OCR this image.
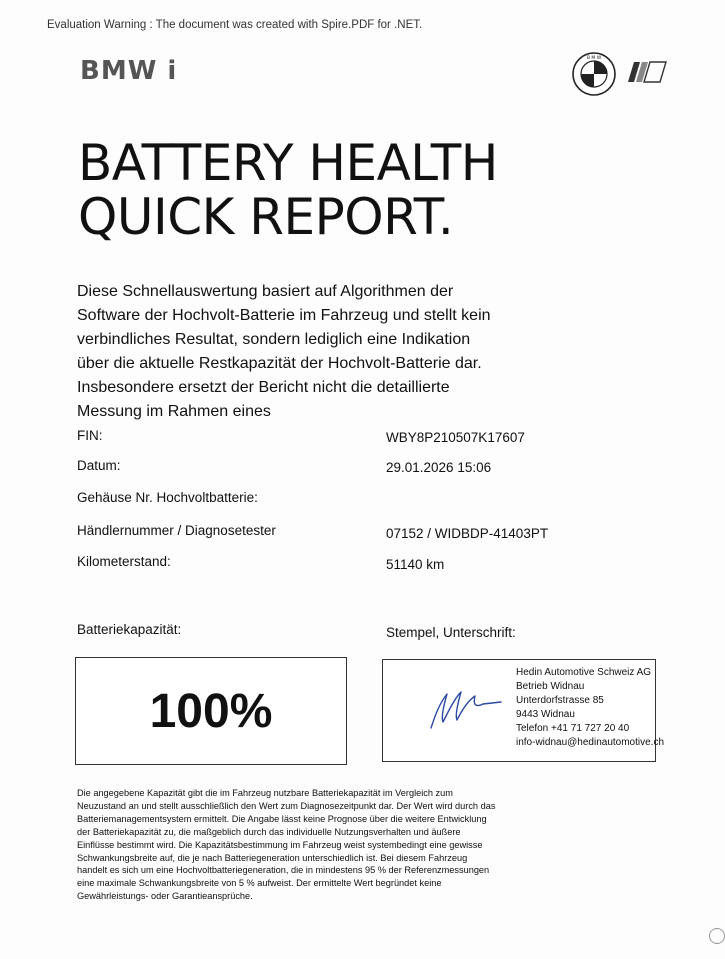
Evaluation Warning : The document was created with Spire.PDF for .NET.
BMW i	B M W
BATTERY HEALTH
QUICK REPORT.
Diese Schnellauswertung basiert auf Algorithmen der Software der Hochvolt-Batterie im Fahrzeug und stellt kein verbindliches Resultat, sondern lediglich eine Indikation über die aktuelle Restkapazität der Hochvolt-Batterie dar. Insbesondere ersetzt der Bericht nicht die detaillierte Messung im Rahmen eines
FIN:	WBY8P210507K17607
Datum:	29.01.2026 15:06
Gehäuse Nr. Hochvoltbatterie:
Händlernummer / Diagnosetester	07152 / WIDBDP-41403PT
Kilometerstand:	51140 km
Batteriekapazität:	Stempel, Unterschrift:
100%
Hedin Automotive Schweiz AG
Betrieb Widnau
Unterdorfstrasse 85
9443 Widnau
Telefon +41 71 727 20 40
info-widnau@hedinautomotive.ch
Die angegebene Kapazität gibt die im Fahrzeug nutzbare Batteriekapazität im Vergleich zum Neuzustand an und stellt ausschließlich den Wert zum Diagnosezeitpunkt dar. Der Wert wird durch das Batteriemanagementsystem ermittelt. Die Angabe lässt keine Prognose über die weitere Entwicklung der Batteriekapazität zu, die maßgeblich durch das individuelle Nutzungsverhalten und äußere Einflüsse bestimmt wird. Die Kapazitätsbestimmung im Fahrzeug weist systembedingt eine gewisse Schwankungsbreite auf, die je nach Batteriegeneration unterschiedlich ist. Bei diesem Fahrzeug handelt es sich um eine Hochvoltbatteriegeneration, die in mindestens 95 % der Referenzmessungen eine maximale Schwankungsbreite von 5 % aufweist. Der ermittelte Wert begründet keine Gewährleistungs- oder Garantieansprüche.
